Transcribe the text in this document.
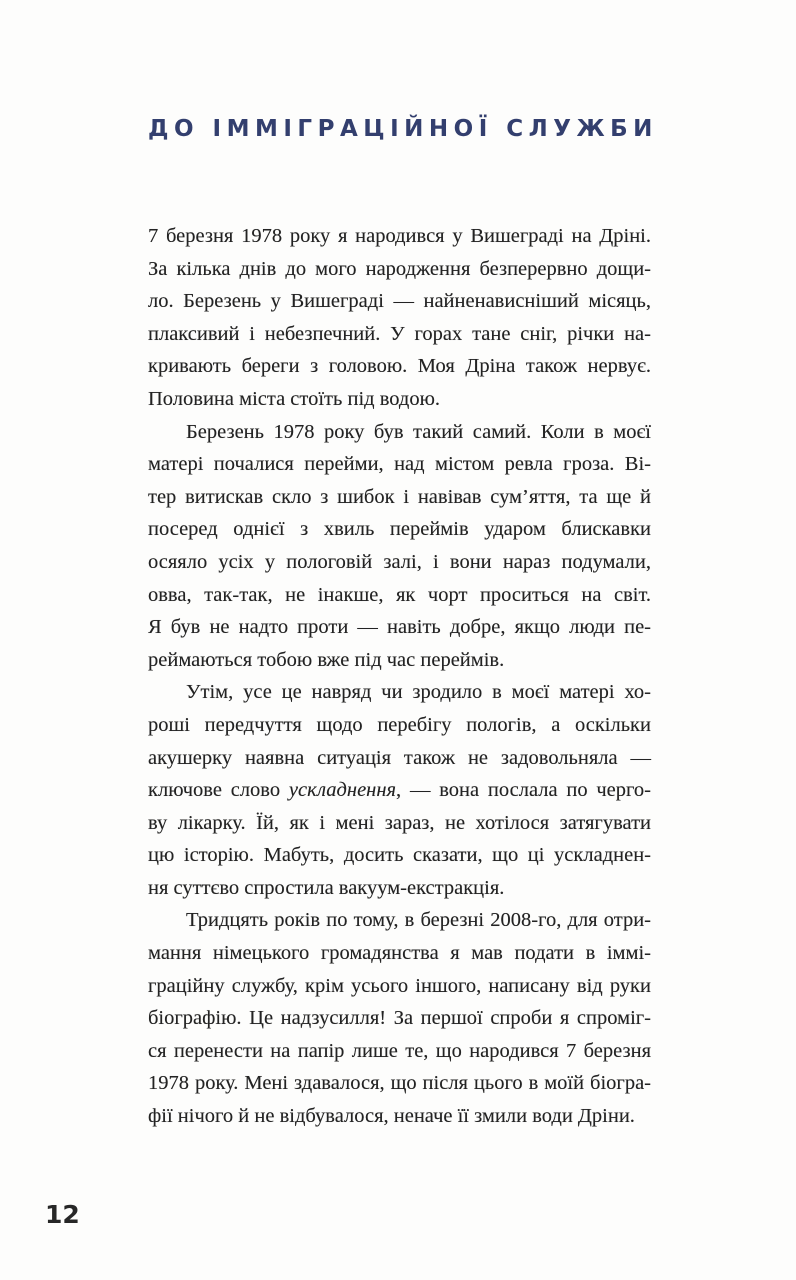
ДО ІММІГРАЦІЙНОЇ СЛУЖБИ
7 березня 1978 року я народився у Вишеграді на Дріні.
За кілька днів до мого народження безперервно дощи-
ло. Березень у Вишеграді — найненависніший місяць,
плаксивий і небезпечний. У горах тане сніг, річки на-
кривають береги з головою. Моя Дріна також нервує.
Половина міста стоїть під водою.
Березень 1978 року був такий самий. Коли в моєї
матері почалися перейми, над містом ревла гроза. Ві-
тер витискав скло з шибок і навівав сум’яття, та ще й
посеред однієї з хвиль переймів ударом блискавки
осяяло усіх у пологовій залі, і вони нараз подумали,
овва, так-так, не інакше, як чорт проситься на світ.
Я був не надто проти — навіть добре, якщо люди пе-
реймаються тобою вже під час переймів.
Утім, усе це навряд чи зродило в моєї матері хо-
роші передчуття щодо перебігу пологів, а оскільки
акушерку наявна ситуація також не задовольняла —
ключове слово ускладнення, — вона послала по черго-
ву лікарку. Їй, як і мені зараз, не хотілося затягувати
цю історію. Мабуть, досить сказати, що ці ускладнен-
ня суттєво спростила вакуум-екстракція.
Тридцять років по тому, в березні 2008-го, для отри-
мання німецького громадянства я мав подати в іммі-
граційну службу, крім усього іншого, написану від руки
біографію. Це надзусилля! За першої спроби я спроміг-
ся перенести на папір лише те, що народився 7 березня
1978 року. Мені здавалося, що після цього в моїй біогра-
фії нічого й не відбувалося, неначе її змили води Дріни.
12
